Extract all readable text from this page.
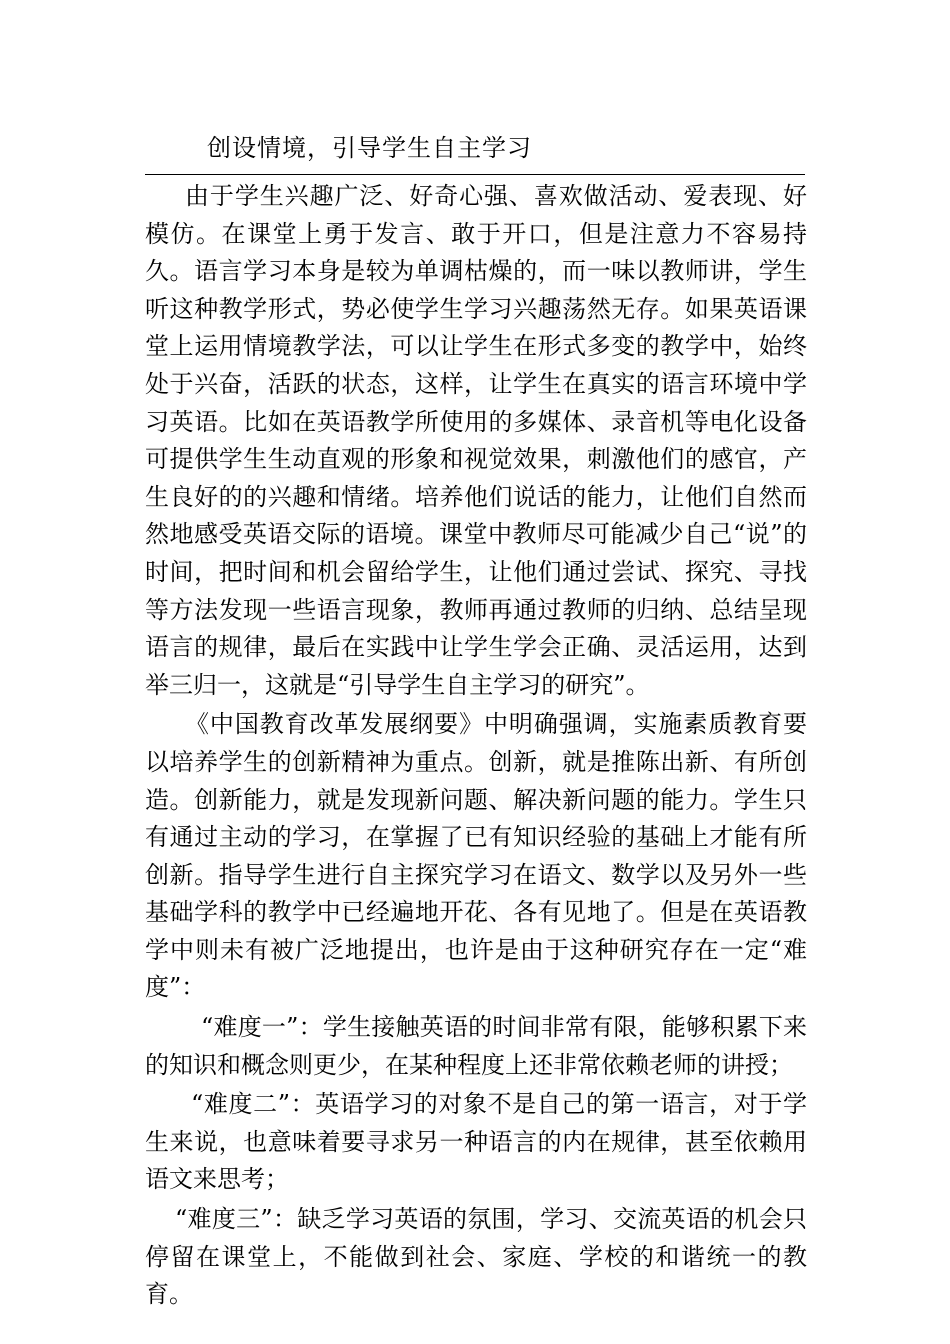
创设情境，引导学生自主学习

由于学生兴趣广泛、好奇心强、喜欢做活动、爱表现、好模仿。在课堂上勇于发言、敢于开口，但是注意力不容易持久。语言学习本身是较为单调枯燥的，而一味以教师讲，学生听这种教学形式，势必使学生学习兴趣荡然无存。如果英语课堂上运用情境教学法，可以让学生在形式多变的教学中，始终处于兴奋，活跃的状态，这样，让学生在真实的语言环境中学习英语。比如在英语教学所使用的多媒体、录音机等电化设备可提供学生生动直观的形象和视觉效果，刺激他们的感官，产生良好的的兴趣和情绪。培养他们说话的能力，让他们自然而然地感受英语交际的语境。课堂中教师尽可能减少自己“说”的时间，把时间和机会留给学生，让他们通过尝试、探究、寻找等方法发现一些语言现象，教师再通过教师的归纳、总结呈现语言的规律，最后在实践中让学生学会正确、灵活运用，达到举三归一，这就是“引导学生自主学习的研究”。

《中国教育改革发展纲要》中明确强调，实施素质教育要以培养学生的创新精神为重点。创新，就是推陈出新、有所创造。创新能力，就是发现新问题、解决新问题的能力。学生只有通过主动的学习，在掌握了已有知识经验的基础上才能有所创新。指导学生进行自主探究学习在语文、数学以及另外一些基础学科的教学中已经遍地开花、各有见地了。但是在英语教学中则未有被广泛地提出，也许是由于这种研究存在一定“难度”：

“难度一”：学生接触英语的时间非常有限，能够积累下来的知识和概念则更少，在某种程度上还非常依赖老师的讲授；

“难度二”：英语学习的对象不是自己的第一语言，对于学生来说，也意味着要寻求另一种语言的内在规律，甚至依赖用语文来思考；

“难度三”：缺乏学习英语的氛围，学习、交流英语的机会只停留在课堂上，不能做到社会、家庭、学校的和谐统一的教育。
